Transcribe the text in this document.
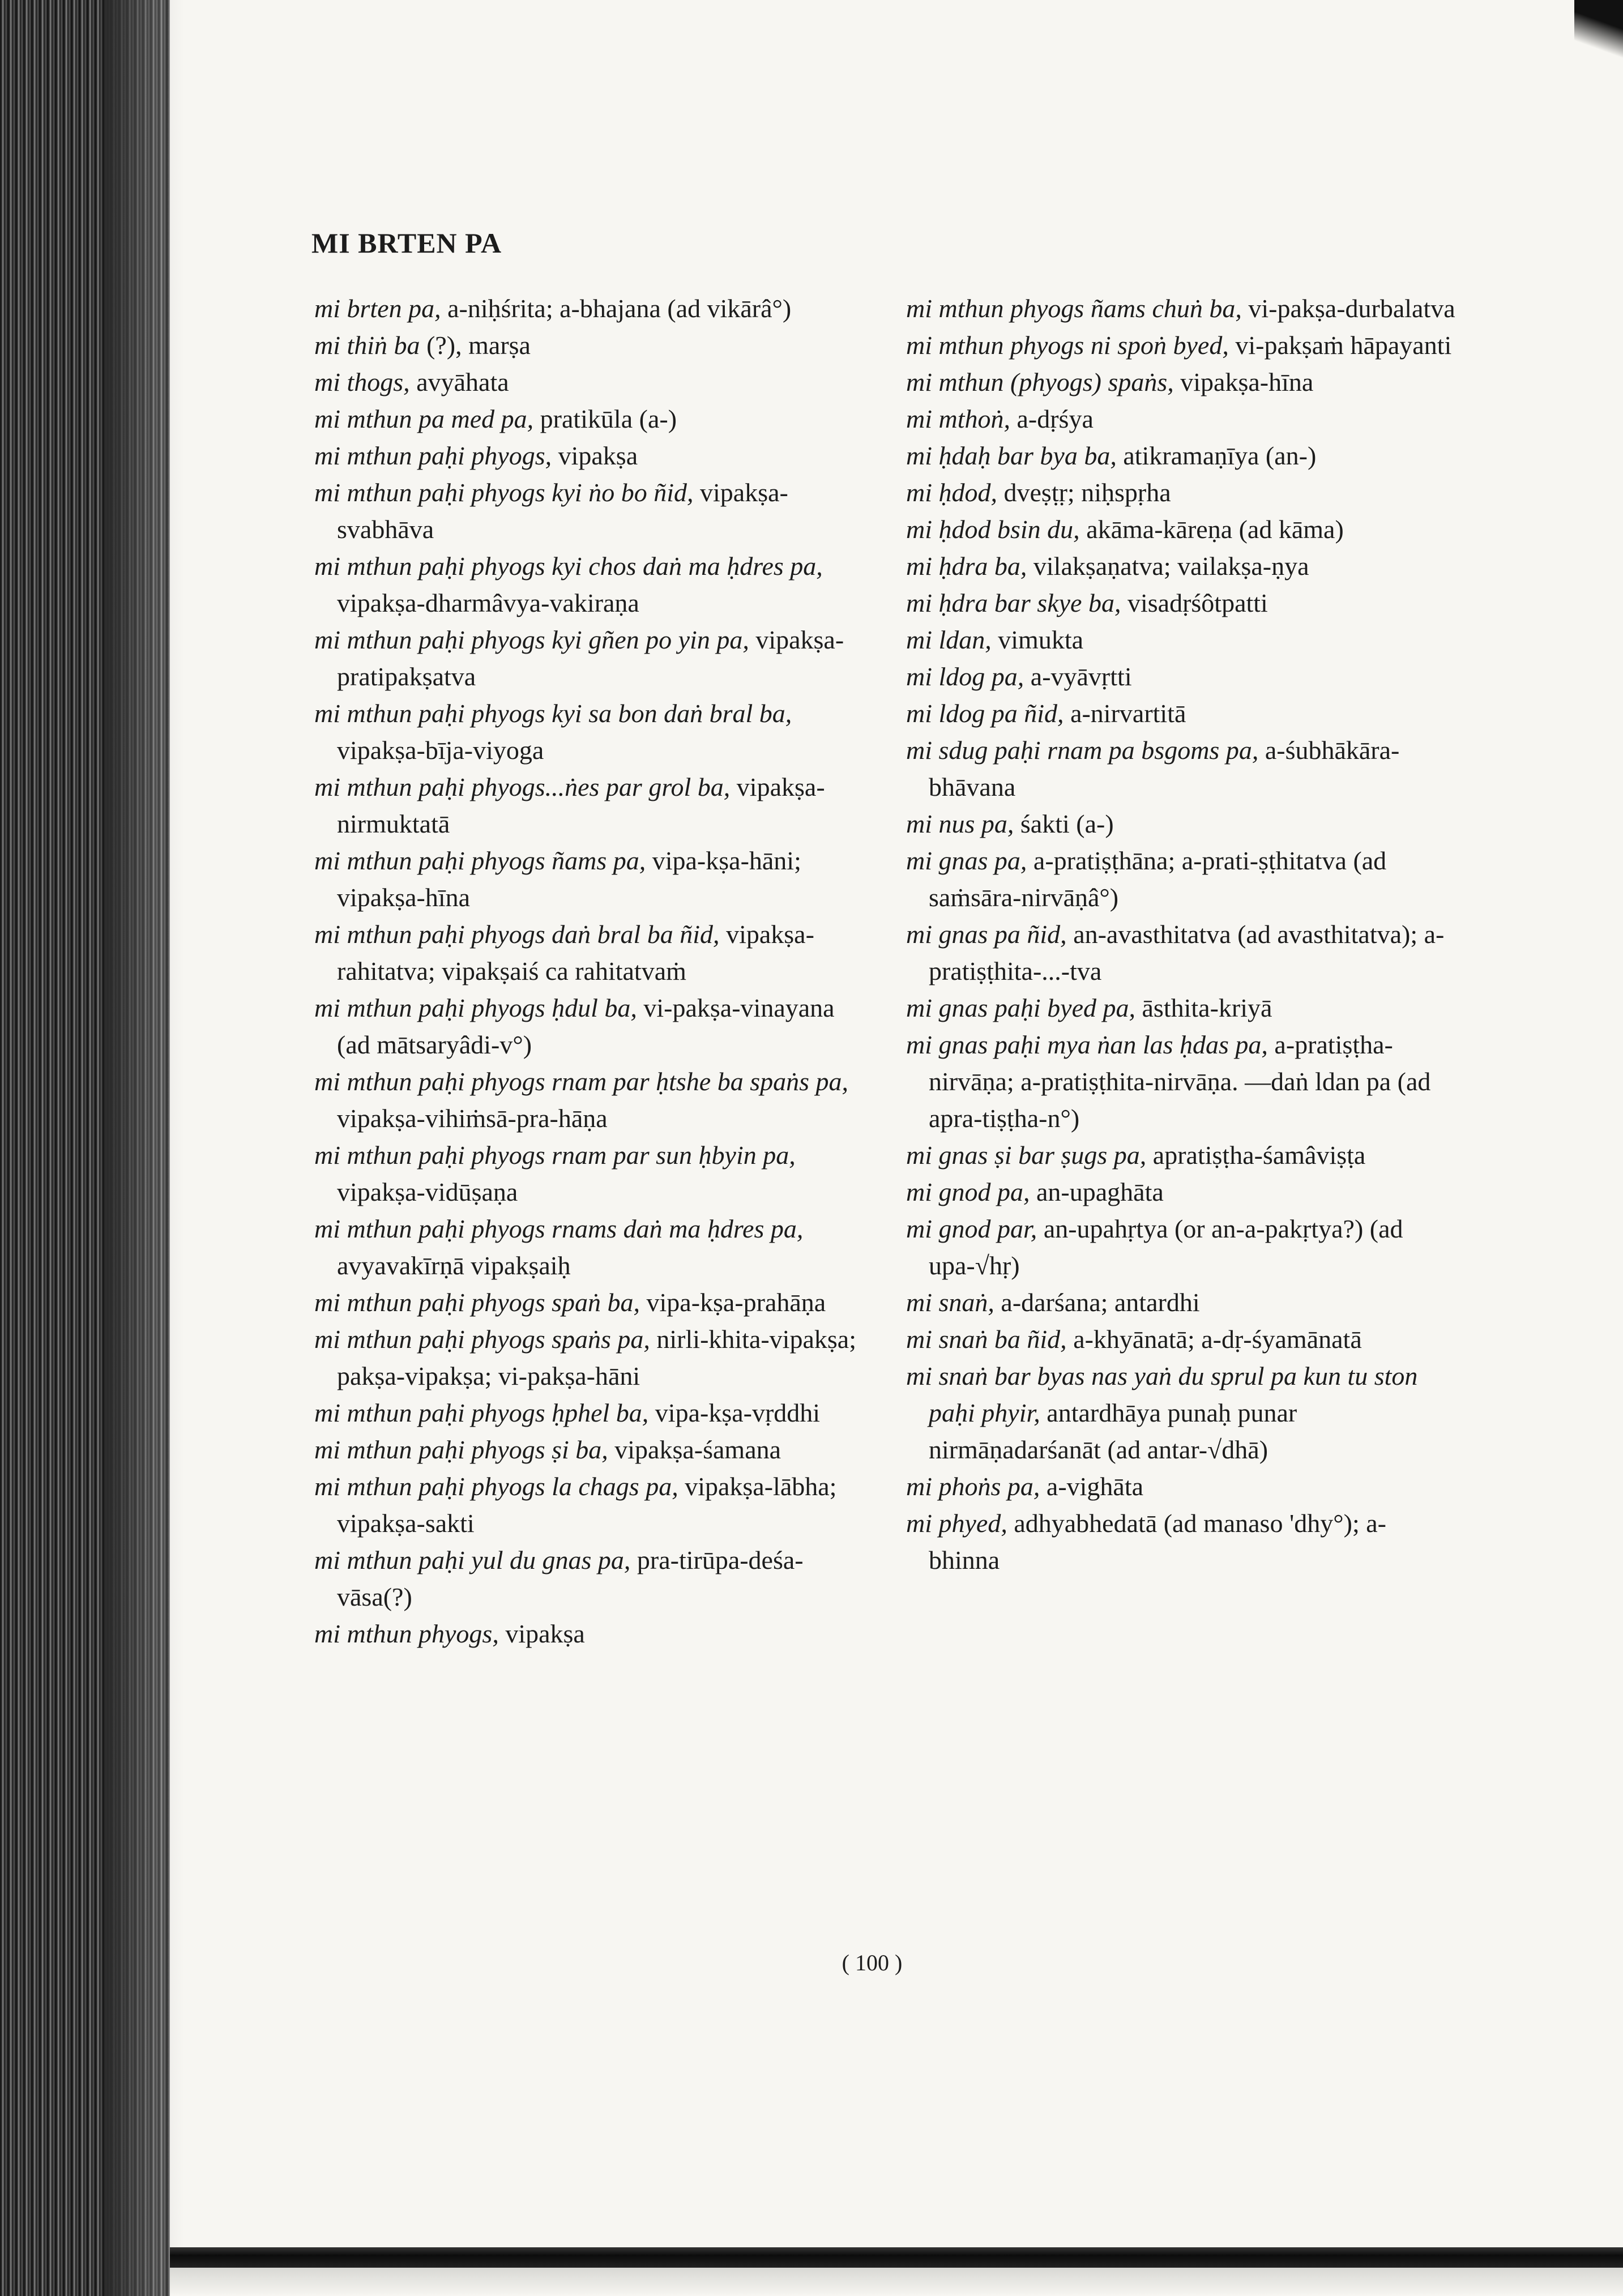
MI BRTEN PA

mi brten pa, a-niḥśrita; a-bhajana (ad vikārâ°)

mi thiṅ ba (?), marṣa

mi thogs, avyāhata

mi mthun pa med pa, pratikūla (a-)

mi mthun paḥi phyogs, vipakṣa

mi mthun paḥi phyogs kyi ṅo bo ñid, vipakṣa-svabhāva

mi mthun paḥi phyogs kyi chos daṅ ma ḥdres pa, vipakṣa-dharmâvya-vakiraṇa

mi mthun paḥi phyogs kyi gñen po yin pa, vipakṣa-pratipakṣatva

mi mthun paḥi phyogs kyi sa bon daṅ bral ba, vipakṣa-bīja-viyoga

mi mthun paḥi phyogs...ṅes par grol ba, vipakṣa-nirmuktatā

mi mthun paḥi phyogs ñams pa, vipa-kṣa-hāni; vipakṣa-hīna

mi mthun paḥi phyogs daṅ bral ba ñid, vipakṣa-rahitatva; vipakṣaiś ca rahitatvaṁ

mi mthun paḥi phyogs ḥdul ba, vi-pakṣa-vinayana (ad mātsaryâdi-v°)

mi mthun paḥi phyogs rnam par ḥtshe ba spaṅs pa, vipakṣa-vihiṁsā-pra-hāṇa

mi mthun paḥi phyogs rnam par sun ḥbyin pa, vipakṣa-vidūṣaṇa

mi mthun paḥi phyogs rnams daṅ ma ḥdres pa, avyavakīrṇā vipakṣaiḥ

mi mthun paḥi phyogs spaṅ ba, vipa-kṣa-prahāṇa

mi mthun paḥi phyogs spaṅs pa, nirli-khita-vipakṣa; pakṣa-vipakṣa; vi-pakṣa-hāni

mi mthun paḥi phyogs ḥphel ba, vipa-kṣa-vṛddhi

mi mthun paḥi phyogs ṣi ba, vipakṣa-śamana

mi mthun paḥi phyogs la chags pa, vipakṣa-lābha; vipakṣa-sakti

mi mthun paḥi yul du gnas pa, pra-tirūpa-deśa-vāsa(?)

mi mthun phyogs, vipakṣa

mi mthun phyogs ñams chuṅ ba, vi-pakṣa-durbalatva

mi mthun phyogs ni spoṅ byed, vi-pakṣaṁ hāpayanti

mi mthun (phyogs) spaṅs, vipakṣa-hīna

mi mthoṅ, a-dṛśya

mi ḥdaḥ bar bya ba, atikramaṇīya (an-)

mi ḥdod, dveṣṭṛ; niḥspṛha

mi ḥdod bsin du, akāma-kāreṇa (ad kāma)

mi ḥdra ba, vilakṣaṇatva; vailakṣa-ṇya

mi ḥdra bar skye ba, visadṛśôtpatti

mi ldan, vimukta

mi ldog pa, a-vyāvṛtti

mi ldog pa ñid, a-nirvartitā

mi sdug paḥi rnam pa bsgoms pa, a-śubhākāra-bhāvana

mi nus pa, śakti (a-)

mi gnas pa, a-pratiṣṭhāna; a-prati-ṣṭhitatva (ad saṁsāra-nirvāṇâ°)

mi gnas pa ñid, an-avasthitatva (ad avasthitatva); a-pratiṣṭhita-...-tva

mi gnas paḥi byed pa, āsthita-kriyā

mi gnas paḥi mya ṅan las ḥdas pa, a-pratiṣṭha-nirvāṇa; a-pratiṣṭhita-nirvāṇa. —daṅ ldan pa (ad apra-tiṣṭha-n°)

mi gnas ṣi bar ṣugs pa, apratiṣṭha-śamâviṣṭa

mi gnod pa, an-upaghāta

mi gnod par, an-upahṛtya (or an-a-pakṛtya?) (ad upa-√hṛ)

mi snaṅ, a-darśana; antardhi

mi snaṅ ba ñid, a-khyānatā; a-dṛ-śyamānatā

mi snaṅ bar byas nas yaṅ du sprul pa kun tu ston paḥi phyir, antardhāya punaḥ punar nirmāṇadarśanāt (ad antar-√dhā)

mi phoṅs pa, a-vighāta

mi phyed, adhyabhedatā (ad manaso 'dhy°); a-bhinna

( 100 )
